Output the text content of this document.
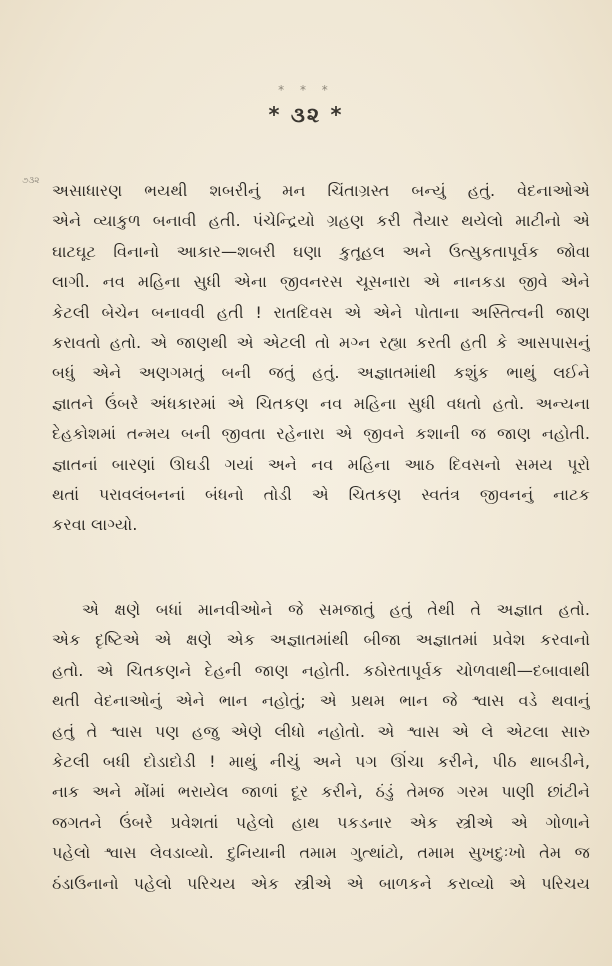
* * *
* ૩૨ *
૭૩૨ અસાધારણ ભયથી શબરીનું મન ચિંતાગ્રસ્ત બન્યું હતું. વેદનાઓએ
એને વ્યાકુળ બનાવી હતી. પંચેન્દ્રિયો ગ્રહણ કરી તૈયાર થયેલો માટીનો એ
ઘાટઘૂટ વિનાનો આકાર—શબરી ઘણા કુતૂહલ અને ઉત્સુકતાપૂર્વક જોવા
લાગી. નવ મહિના સુધી એના જીવનરસ ચૂસનારા એ નાનકડા જીવે એને
કેટલી બેચેન બનાવવી હતી ! રાતદિવસ એ એને પોતાના અસ્તિત્વની જાણ
કરાવતો હતો. એ જાણથી એ એટલી તો મગ્ન રહ્યા કરતી હતી કે આસપાસનું
બધું એને અણગમતું બની જતું હતું. અજ્ઞાતમાંથી કશુંક ભાથું લઈને
જ્ઞાતને ઉંબરે અંધકારમાં એ ચિતકણ નવ મહિના સુધી વધતો હતો. અન્યના
દેહકોશમાં તન્મય બની જીવતા રહેનારા એ જીવને કશાની જ જાણ નહોતી.
જ્ઞાતનાં બારણાં ઊઘડી ગયાં અને નવ મહિના આઠ દિવસનો સમય પૂરો
થતાં પરાવલંબનનાં બંધનો તોડી એ ચિતકણ સ્વતંત્ર જીવનનું નાટક
કરવા લાગ્યો.
એ ક્ષણે બધાં માનવીઓને જે સમજાતું હતું તેથી તે અજ્ઞાત હતો.
એક દૃષ્ટિએ એ ક્ષણે એક અજ્ઞાતમાંથી બીજા અજ્ઞાતમાં પ્રવેશ કરવાનો
હતો. એ ચિતકણને દેહની જાણ નહોતી. કઠોરતાપૂર્વક ચોળવાથી—દબાવાથી
થતી વેદનાઓનું એને ભાન નહોતું; એ પ્રથમ ભાન જે શ્વાસ વડે થવાનું
હતું તે શ્વાસ પણ હજુ એણે લીધો નહોતો. એ શ્વાસ એ લે એટલા સારુ
કેટલી બધી દોડાદોડી ! માથું નીચું અને પગ ઊંચા કરીને, પીઠ થાબડીને,
નાક અને મોંમાં ભરાયેલ જાળાં દૂર કરીને, ઠંડું તેમજ ગરમ પાણી છાંટીને
જગતને ઉંબરે પ્રવેશતાં પહેલો હાથ પકડનાર એક સ્ત્રીએ એ ગોળાને
પહેલો શ્વાસ લેવડાવ્યો. દુનિયાની તમામ ગુત્થાંટો, તમામ સુખદુઃખો તેમ જ
ઠંડાઉનાનો પહેલો પરિચય એક સ્ત્રીએ એ બાળકને કરાવ્યો એ પરિચય
